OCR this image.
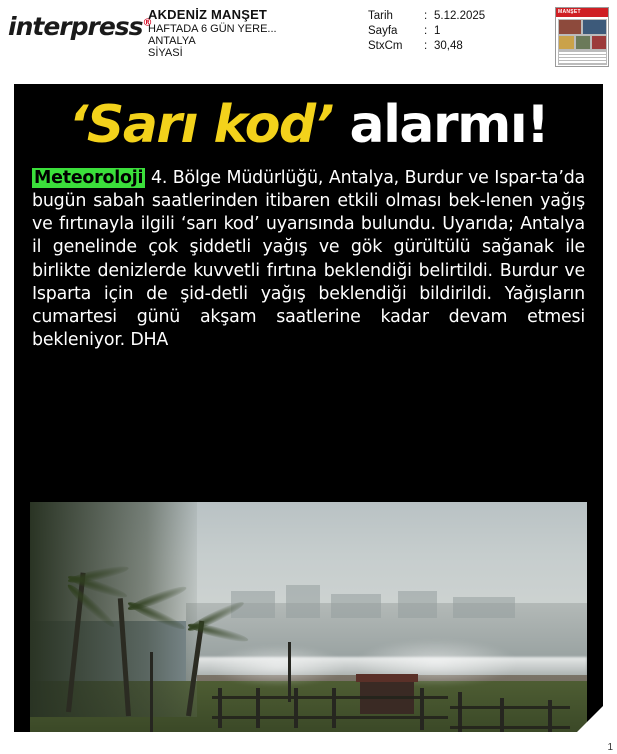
interpress®
AKDENİZ MANŞET
HAFTADA 6 GÜN YERE...
ANTALYA
SİYASİ
Tarih	: 5.12.2025
Sayfa	: 1
StxCm	: 30,48
MANŞET
‘Sarı kod’ alarmı!
Meteoroloji 4. Bölge Müdürlüğü, Antalya, Burdur ve Ispar-ta’da bugün sabah saatlerinden itibaren etkili olması bek-lenen yağış ve fırtınayla ilgili ‘sarı kod’ uyarısında bulundu. Uyarıda; Antalya il genelinde çok şiddetli yağış ve gök gürültülü sağanak ile birlikte denizlerde kuvvetli fırtına beklendiği belirtildi. Burdur ve Isparta için de şid-detli yağış beklendiği bildirildi. Yağışların cumartesi günü akşam saatlerine kadar devam etmesi bekleniyor. DHA
1
